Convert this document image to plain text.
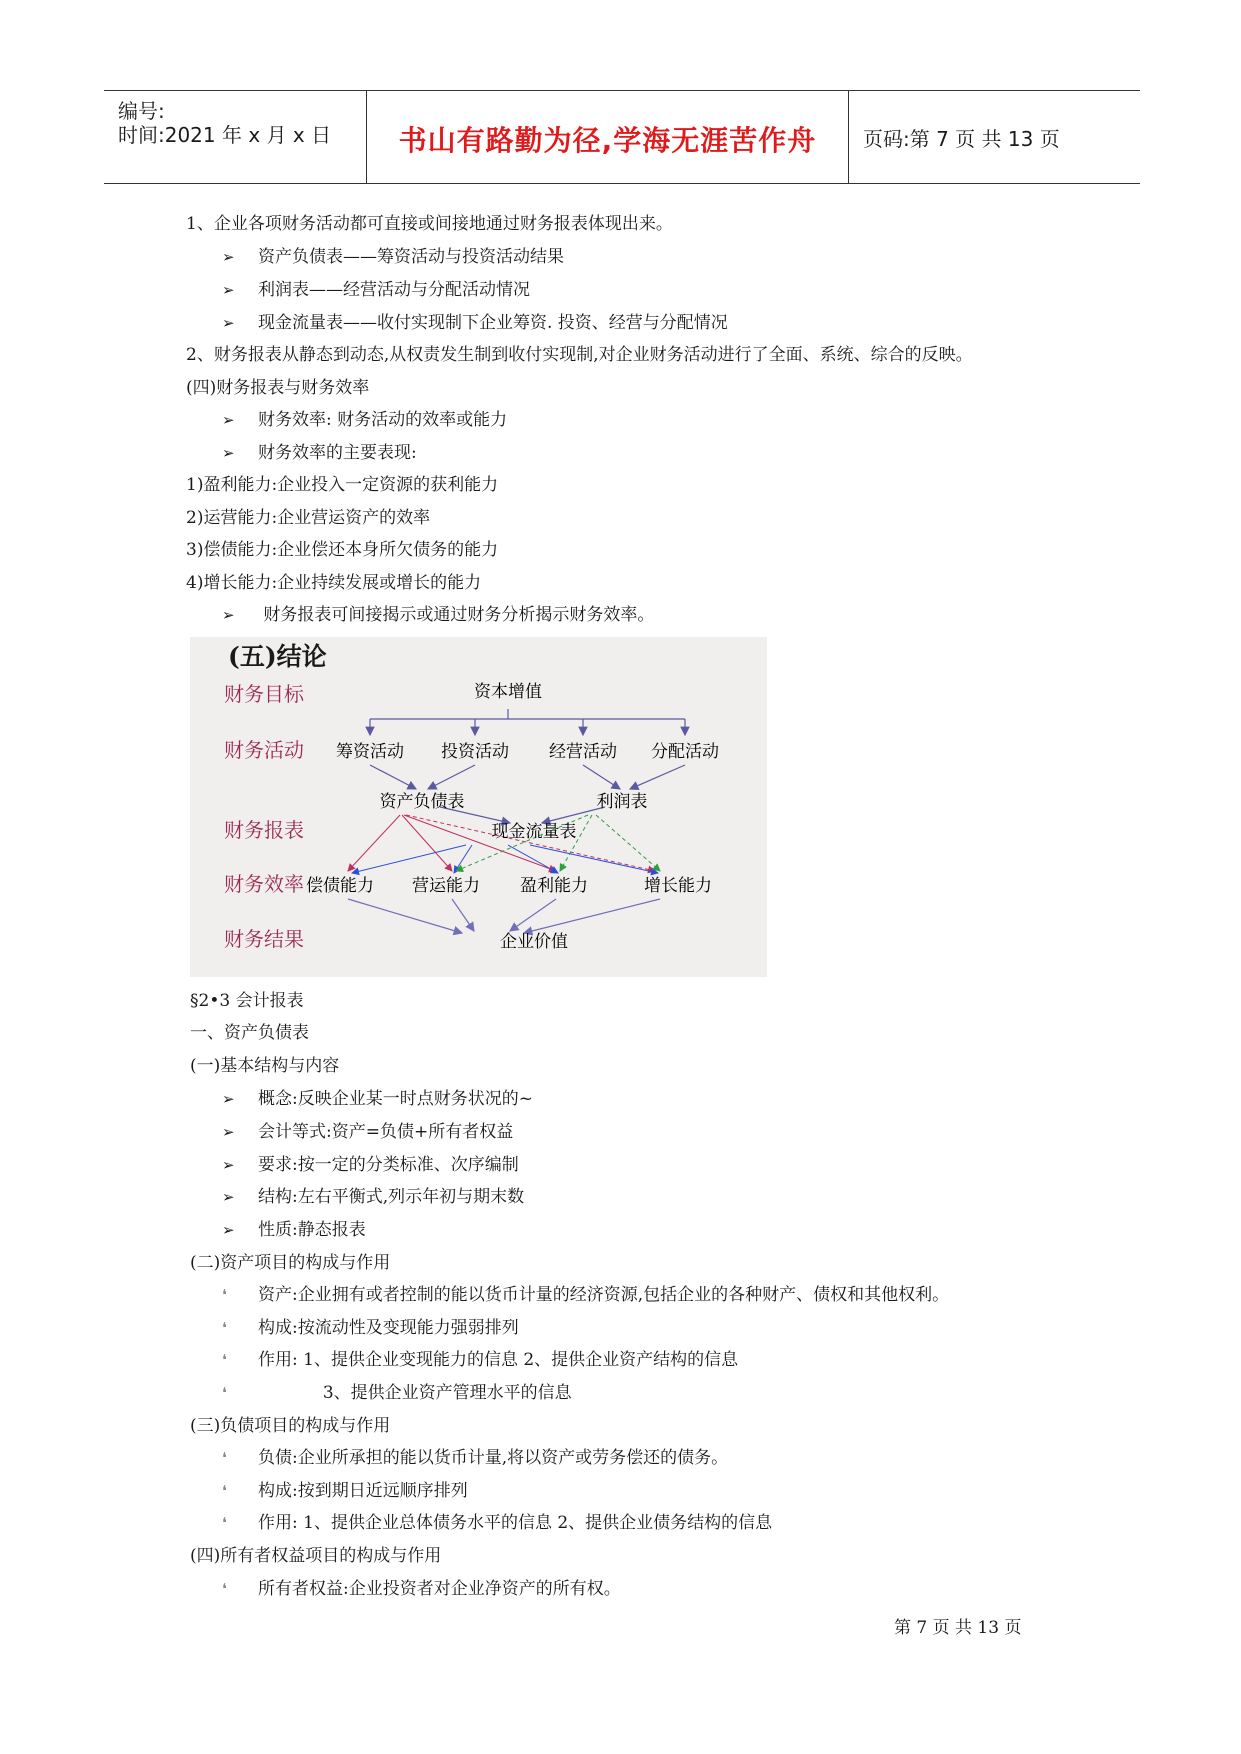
编号:
时间:2021 年 x 月 x 日	书山有路勤为径,学海无涯苦作舟	页码:第 7 页 共 13 页
1、企业各项财务活动都可直接或间接地通过财务报表体现出来。
➢ 资产负债表——筹资活动与投资活动结果
➢ 利润表——经营活动与分配活动情况
➢ 现金流量表——收付实现制下企业筹资. 投资、经营与分配情况
2、财务报表从静态到动态,从权责发生制到收付实现制,对企业财务活动进行了全面、系统、综合的反映。
(四)财务报表与财务效率
➢ 财务效率: 财务活动的效率或能力
➢ 财务效率的主要表现:
1)盈利能力:企业投入一定资源的获利能力
2)运营能力:企业营运资产的效率
3)偿债能力:企业偿还本身所欠债务的能力
4)增长能力:企业持续发展或增长的能力
➢ 财务报表可间接揭示或通过财务分析揭示财务效率。
(五)结论
财务目标
财务活动
财务报表
财务效率
财务结果
资本增值
筹资活动 投资活动 经营活动 分配活动
资产负债表	利润表
现金流量表
偿债能力 营运能力 盈利能力	增长能力
企业价值
§2•3 会计报表
一、资产负债表
(一)基本结构与内容
➢ 概念:反映企业某一时点财务状况的~
➢ 会计等式:资产=负债+所有者权益
➢ 要求:按一定的分类标准、次序编制
➢ 结构:左右平衡式,列示年初与期末数
➢ 性质:静态报表
(二)资产项目的构成与作用
❛ 资产:企业拥有或者控制的能以货币计量的经济资源,包括企业的各种财产、债权和其他权利。
❛ 构成:按流动性及变现能力强弱排列
❛ 作用: 1、提供企业变现能力的信息 2、提供企业资产结构的信息
❛            3、提供企业资产管理水平的信息
(三)负债项目的构成与作用
❛ 负债:企业所承担的能以货币计量,将以资产或劳务偿还的债务。
❛ 构成:按到期日近远顺序排列
❛ 作用: 1、提供企业总体债务水平的信息 2、提供企业债务结构的信息
(四)所有者权益项目的构成与作用
❛ 所有者权益:企业投资者对企业净资产的所有权。
第 7 页 共 13 页
